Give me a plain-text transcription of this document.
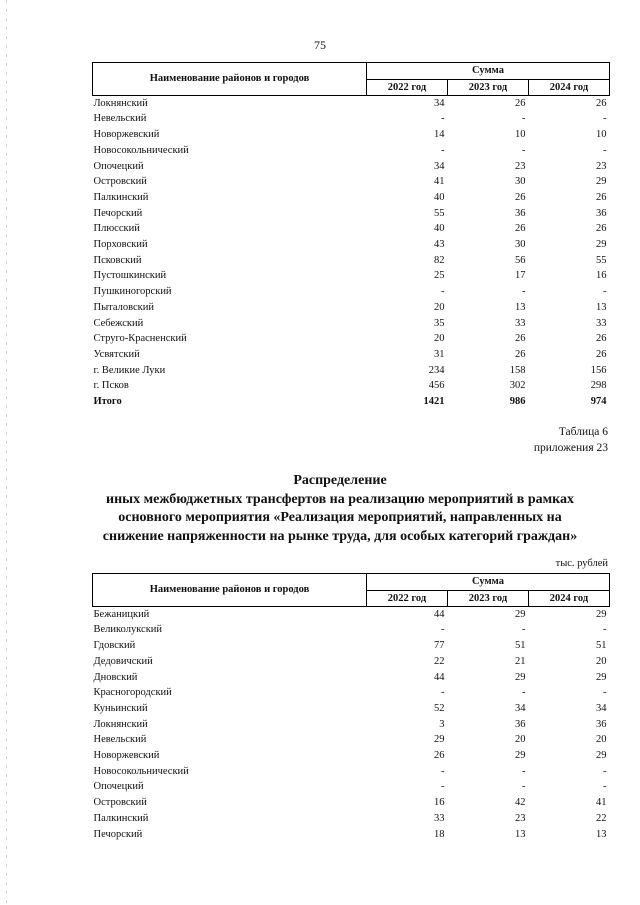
75
Наименование районов и городов	Сумма		
	2022 год	2023 год	2024 год
Локнянский	34	26	26
Невельский	-	-	-
Новоржевский	14	10	10
Новосокольнический	-	-	-
Опочецкий	34	23	23
Островский	41	30	29
Палкинский	40	26	26
Печорский	55	36	36
Плюсский	40	26	26
Порховский	43	30	29
Псковский	82	56	55
Пустошкинский	25	17	16
Пушкиногорский	-	-	-
Пыталовский	20	13	13
Себежский	35	33	33
Струго-Красненский	20	26	26
Усвятский	31	26	26
г. Великие Луки	234	158	156
г. Псков	456	302	298
Итого	1421	986	974
Таблица 6
приложения 23
Распределение
иных межбюджетных трансфертов на реализацию мероприятий в рамках
основного мероприятия «Реализация мероприятий, направленных на
снижение напряженности на рынке труда, для особых категорий граждан»
тыс. рублей
Наименование районов и городов	Сумма		
	2022 год	2023 год	2024 год
Бежаницкий	44	29	29
Великолукский	-	-	-
Гдовский	77	51	51
Дедовичский	22	21	20
Дновский	44	29	29
Красногородский	-	-	-
Куньинский	52	34	34
Локнянский	3	36	36
Невельский	29	20	20
Новоржевский	26	29	29
Новосокольнический	-	-	-
Опочецкий	-	-	-
Островский	16	42	41
Палкинский	33	23	22
Печорский	18	13	13
